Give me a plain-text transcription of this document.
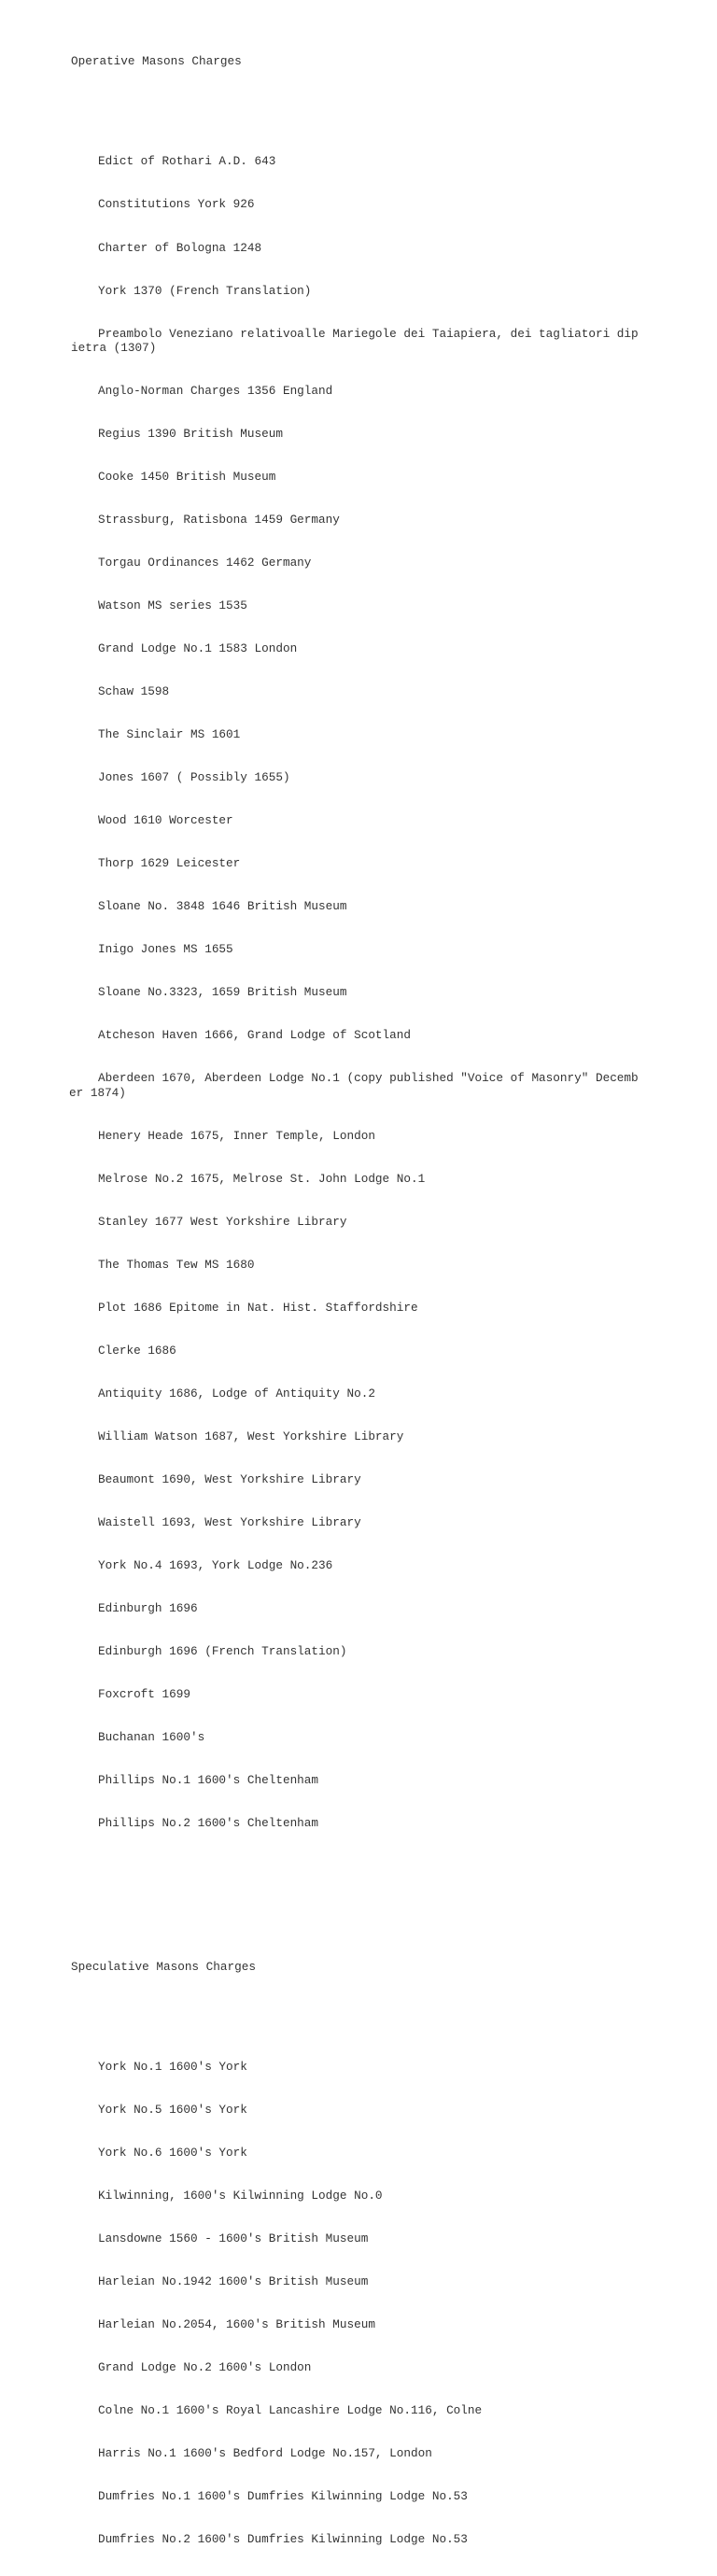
Operative Masons Charges

Edict of Rothari A.D. 643

Constitutions York 926

Charter of Bologna 1248

York 1370 (French Translation)

Preambolo Veneziano relativoalle Mariegole dei Taiapiera, dei tagliatori dip
ietra (1307)

Anglo-Norman Charges 1356 England

Regius 1390 British Museum

Cooke 1450 British Museum

Strassburg, Ratisbona 1459 Germany

Torgau Ordinances 1462 Germany

Watson MS series 1535

Grand Lodge No.1 1583 London

Schaw 1598

The Sinclair MS 1601

Jones 1607 ( Possibly 1655)

Wood 1610 Worcester

Thorp 1629 Leicester

Sloane No. 3848 1646 British Museum

Inigo Jones MS 1655

Sloane No.3323, 1659 British Museum

Atcheson Haven 1666, Grand Lodge of Scotland

Aberdeen 1670, Aberdeen Lodge No.1 (copy published "Voice of Masonry" Decemb
er 1874)

Henery Heade 1675, Inner Temple, London

Melrose No.2 1675, Melrose St. John Lodge No.1

Stanley 1677 West Yorkshire Library

The Thomas Tew MS 1680

Plot 1686 Epitome in Nat. Hist. Staffordshire

Clerke 1686

Antiquity 1686, Lodge of Antiquity No.2

William Watson 1687, West Yorkshire Library

Beaumont 1690, West Yorkshire Library

Waistell 1693, West Yorkshire Library

York No.4 1693, York Lodge No.236

Edinburgh 1696

Edinburgh 1696 (French Translation)

Foxcroft 1699

Buchanan 1600's

Phillips No.1 1600's Cheltenham

Phillips No.2 1600's Cheltenham

Speculative Masons Charges

York No.1 1600's York

York No.5 1600's York

York No.6 1600's York

Kilwinning, 1600's Kilwinning Lodge No.0

Lansdowne 1560 - 1600's British Museum

Harleian No.1942 1600's British Museum

Harleian No.2054, 1600's British Museum

Grand Lodge No.2 1600's London

Colne No.1 1600's Royal Lancashire Lodge No.116, Colne

Harris No.1 1600's Bedford Lodge No.157, London

Dumfries No.1 1600's Dumfries Kilwinning Lodge No.53

Dumfries No.2 1600's Dumfries Kilwinning Lodge No.53
